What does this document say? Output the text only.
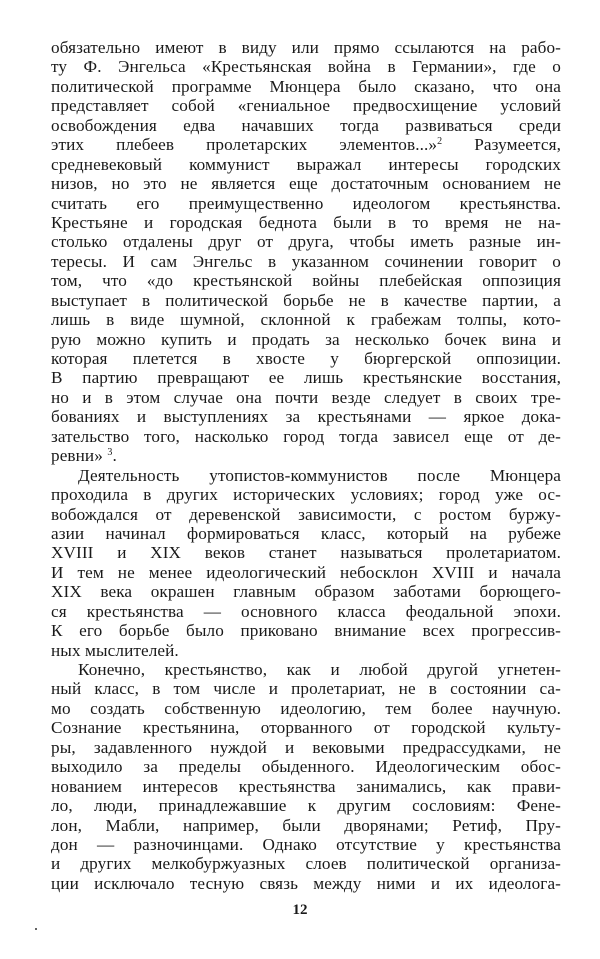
обязательно имеют в виду или прямо ссылаются на рабо-
ту Ф. Энгельса «Крестьянская война в Германии», где о
политической программе Мюнцера было сказано, что она
представляет собой «гениальное предвосхищение условий
освобождения едва начавших тогда развиваться среди
этих плебеев пролетарских элементов...»$^2$ Разумеется,
средневековый коммунист выражал интересы городских
низов, но это не является еще достаточным основанием не
считать его преимущественно идеологом крестьянства.
Крестьяне и городская беднота были в то время не на-
столько отдалены друг от друга, чтобы иметь разные ин-
тересы. И сам Энгельс в указанном сочинении говорит о
том, что «до крестьянской войны плебейская оппозиция
выступает в политической борьбе не в качестве партии, а
лишь в виде шумной, склонной к грабежам толпы, кото-
рую можно купить и продать за несколько бочек вина и
которая плетется в хвосте у бюргерской оппозиции.
В партию превращают ее лишь крестьянские восстания,
но и в этом случае она почти везде следует в своих тре-
бованиях и выступлениях за крестьянами — яркое дока-
зательство того, насколько город тогда зависел еще от де-
ревни» $^3$.
Деятельность утопистов-коммунистов после Мюнцера
проходила в других исторических условиях; город уже ос-
вобождался от деревенской зависимости, с ростом буржу-
азии начинал формироваться класс, который на рубеже
XVIII и XIX веков станет называться пролетариатом.
И тем не менее идеологический небосклон XVIII и начала
XIX века окрашен главным образом заботами борющего-
ся крестьянства — основного класса феодальной эпохи.
К его борьбе было приковано внимание всех прогрессив-
ных мыслителей.
Конечно, крестьянство, как и любой другой угнетен-
ный класс, в том числе и пролетариат, не в состоянии са-
мо создать собственную идеологию, тем более научную.
Сознание крестьянина, оторванного от городской культу-
ры, задавленного нуждой и вековыми предрассудками, не
выходило за пределы обыденного. Идеологическим обос-
нованием интересов крестьянства занимались, как прави-
ло, люди, принадлежавшие к другим сословиям: Фене-
лон, Мабли, например, были дворянами; Ретиф, Пру-
дон — разночинцами. Однако отсутствие у крестьянства
и других мелкобуржуазных слоев политической организа-
ции исключало тесную связь между ними и их идеолога-
12
